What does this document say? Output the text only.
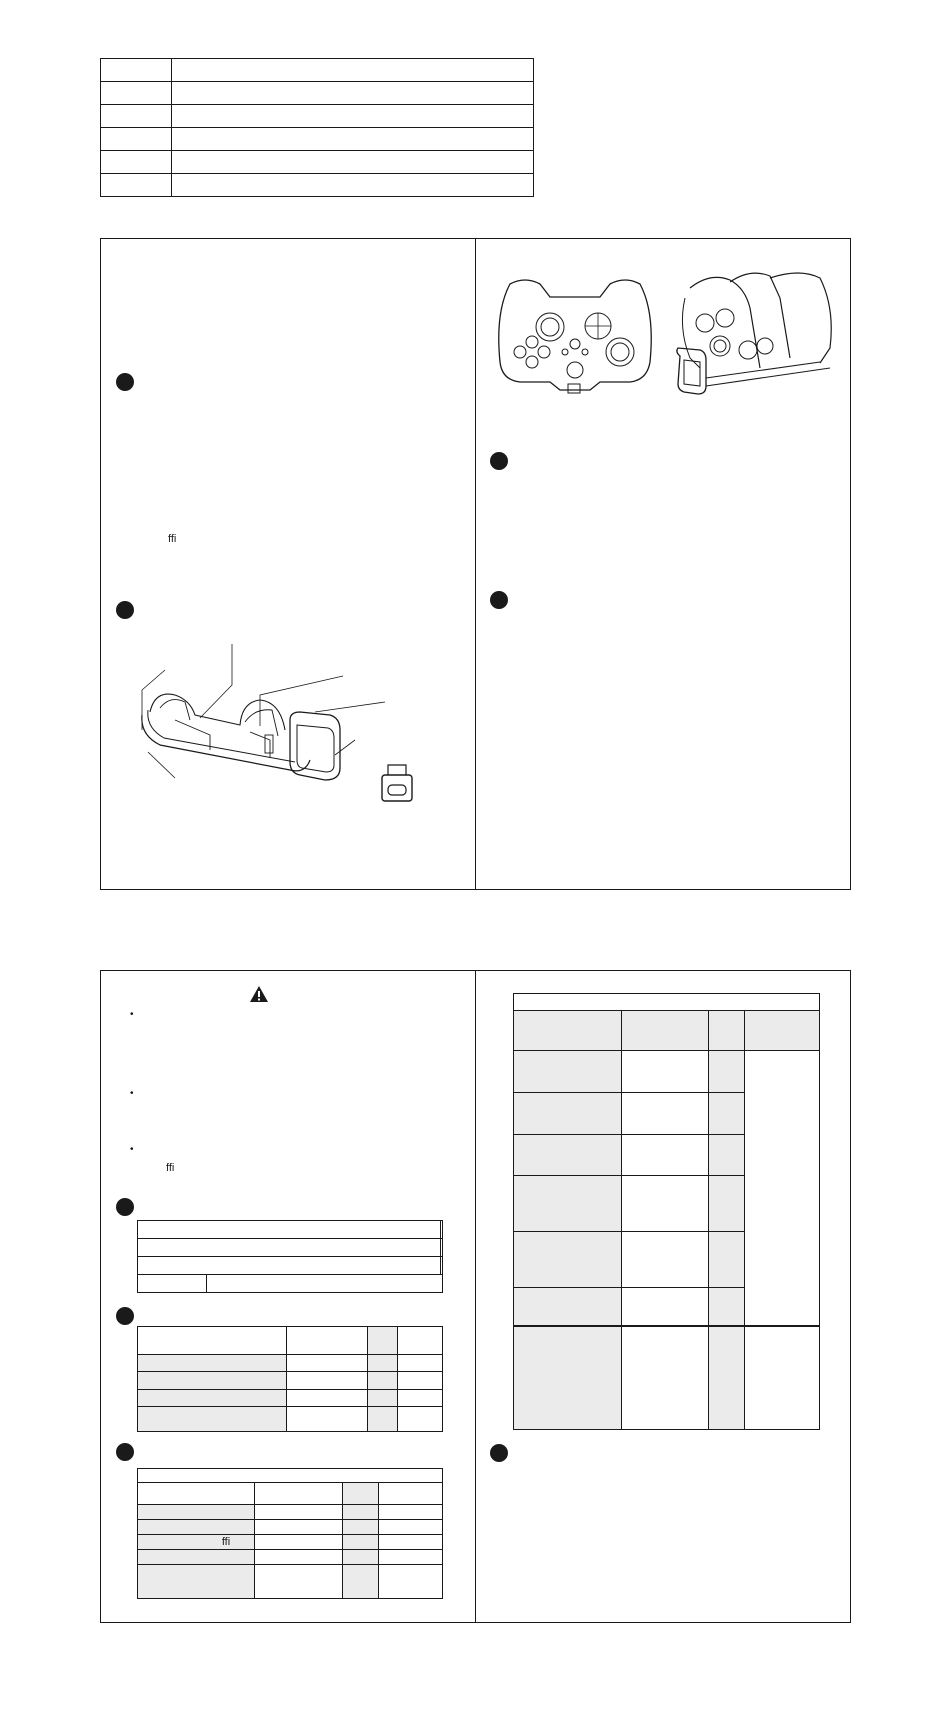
ffi
•
•
•
ffi

ffi			
